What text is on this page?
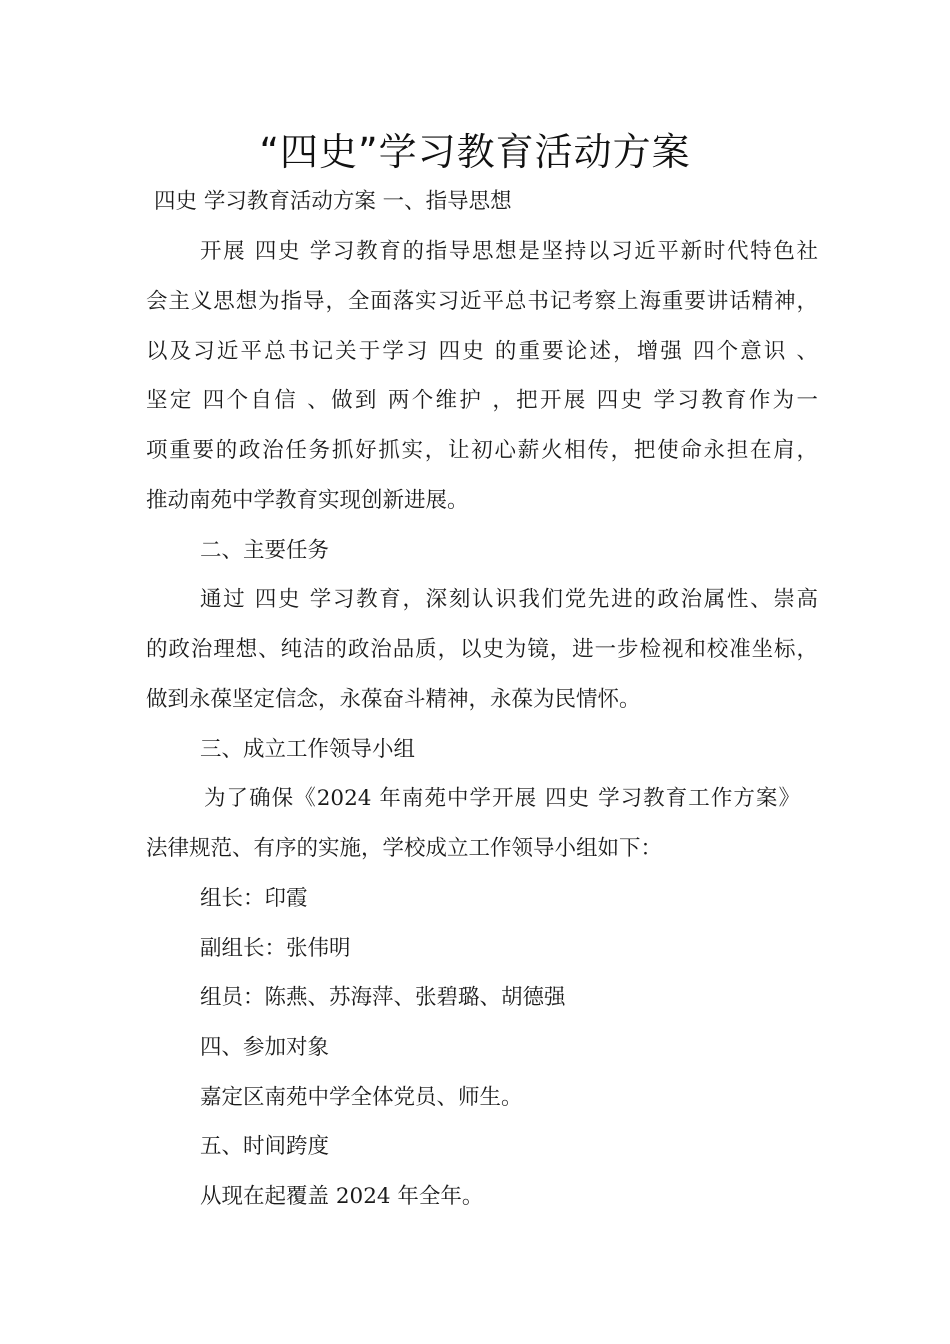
“四史”学习教育活动方案
四史 学习教育活动方案 一、指导思想
开展 四史 学习教育的指导思想是坚持以习近平新时代特色社
会主义思想为指导，全面落实习近平总书记考察上海重要讲话精神，
以及习近平总书记关于学习 四史 的重要论述，增强 四个意识 、
坚定 四个自信 、做到 两个维护 ，把开展 四史 学习教育作为一
项重要的政治任务抓好抓实，让初心薪火相传，把使命永担在肩，
推动南苑中学教育实现创新进展。
二、主要任务
通过 四史 学习教育，深刻认识我们党先进的政治属性、崇高
的政治理想、纯洁的政治品质，以史为镜，进一步检视和校准坐标，
做到永葆坚定信念，永葆奋斗精神，永葆为民情怀。
三、成立工作领导小组
为了确保《2024 年南苑中学开展 四史 学习教育工作方案》
法律规范、有序的实施，学校成立工作领导小组如下：
组长：印霞
副组长：张伟明
组员：陈燕、苏海萍、张碧璐、胡德强
四、参加对象
嘉定区南苑中学全体党员、师生。
五、时间跨度
从现在起覆盖 2024 年全年。
